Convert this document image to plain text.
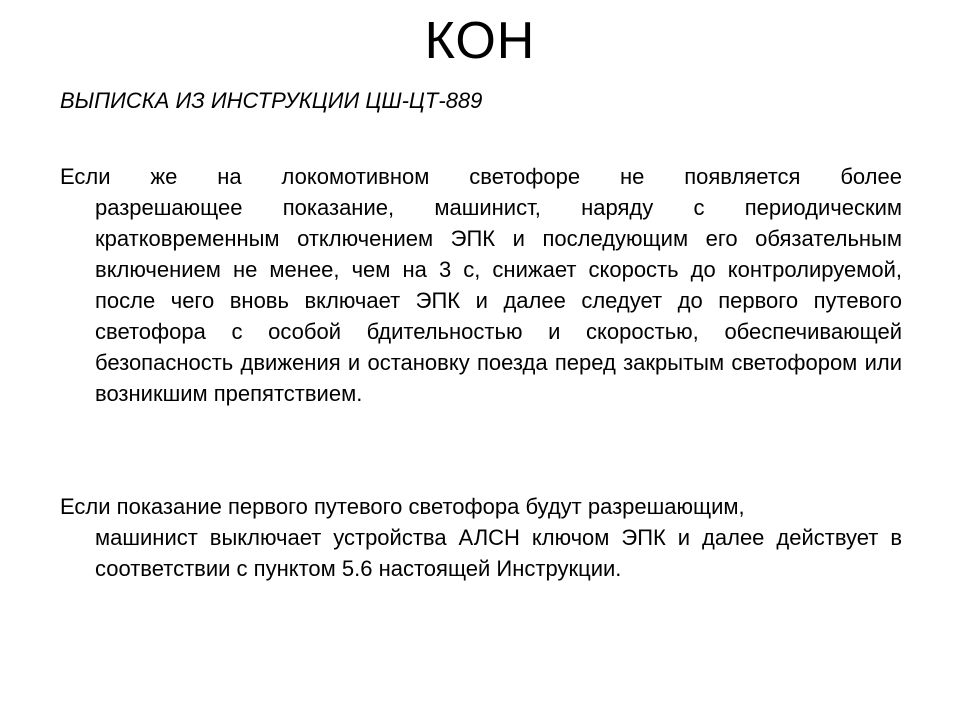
КОН
ВЫПИСКА ИЗ ИНСТРУКЦИИ ЦШ-ЦТ-889
Если же на локомотивном светофоре не появляется более
разрешающее показание, машинист, наряду с периодическим кратковременным отключением ЭПК и последующим его обязательным включением не менее, чем на 3 с, снижает скорость до контролируемой, после чего вновь включает ЭПК и далее следует до первого путевого светофора с особой бдительностью и скоростью, обеспечивающей безопасность движения и остановку поезда перед закрытым светофором или возникшим препятствием.
Если показание первого путевого светофора будут разрешающим,
машинист выключает устройства АЛСН ключом ЭПК и далее действует в соответствии с пунктом 5.6 настоящей Инструкции.
